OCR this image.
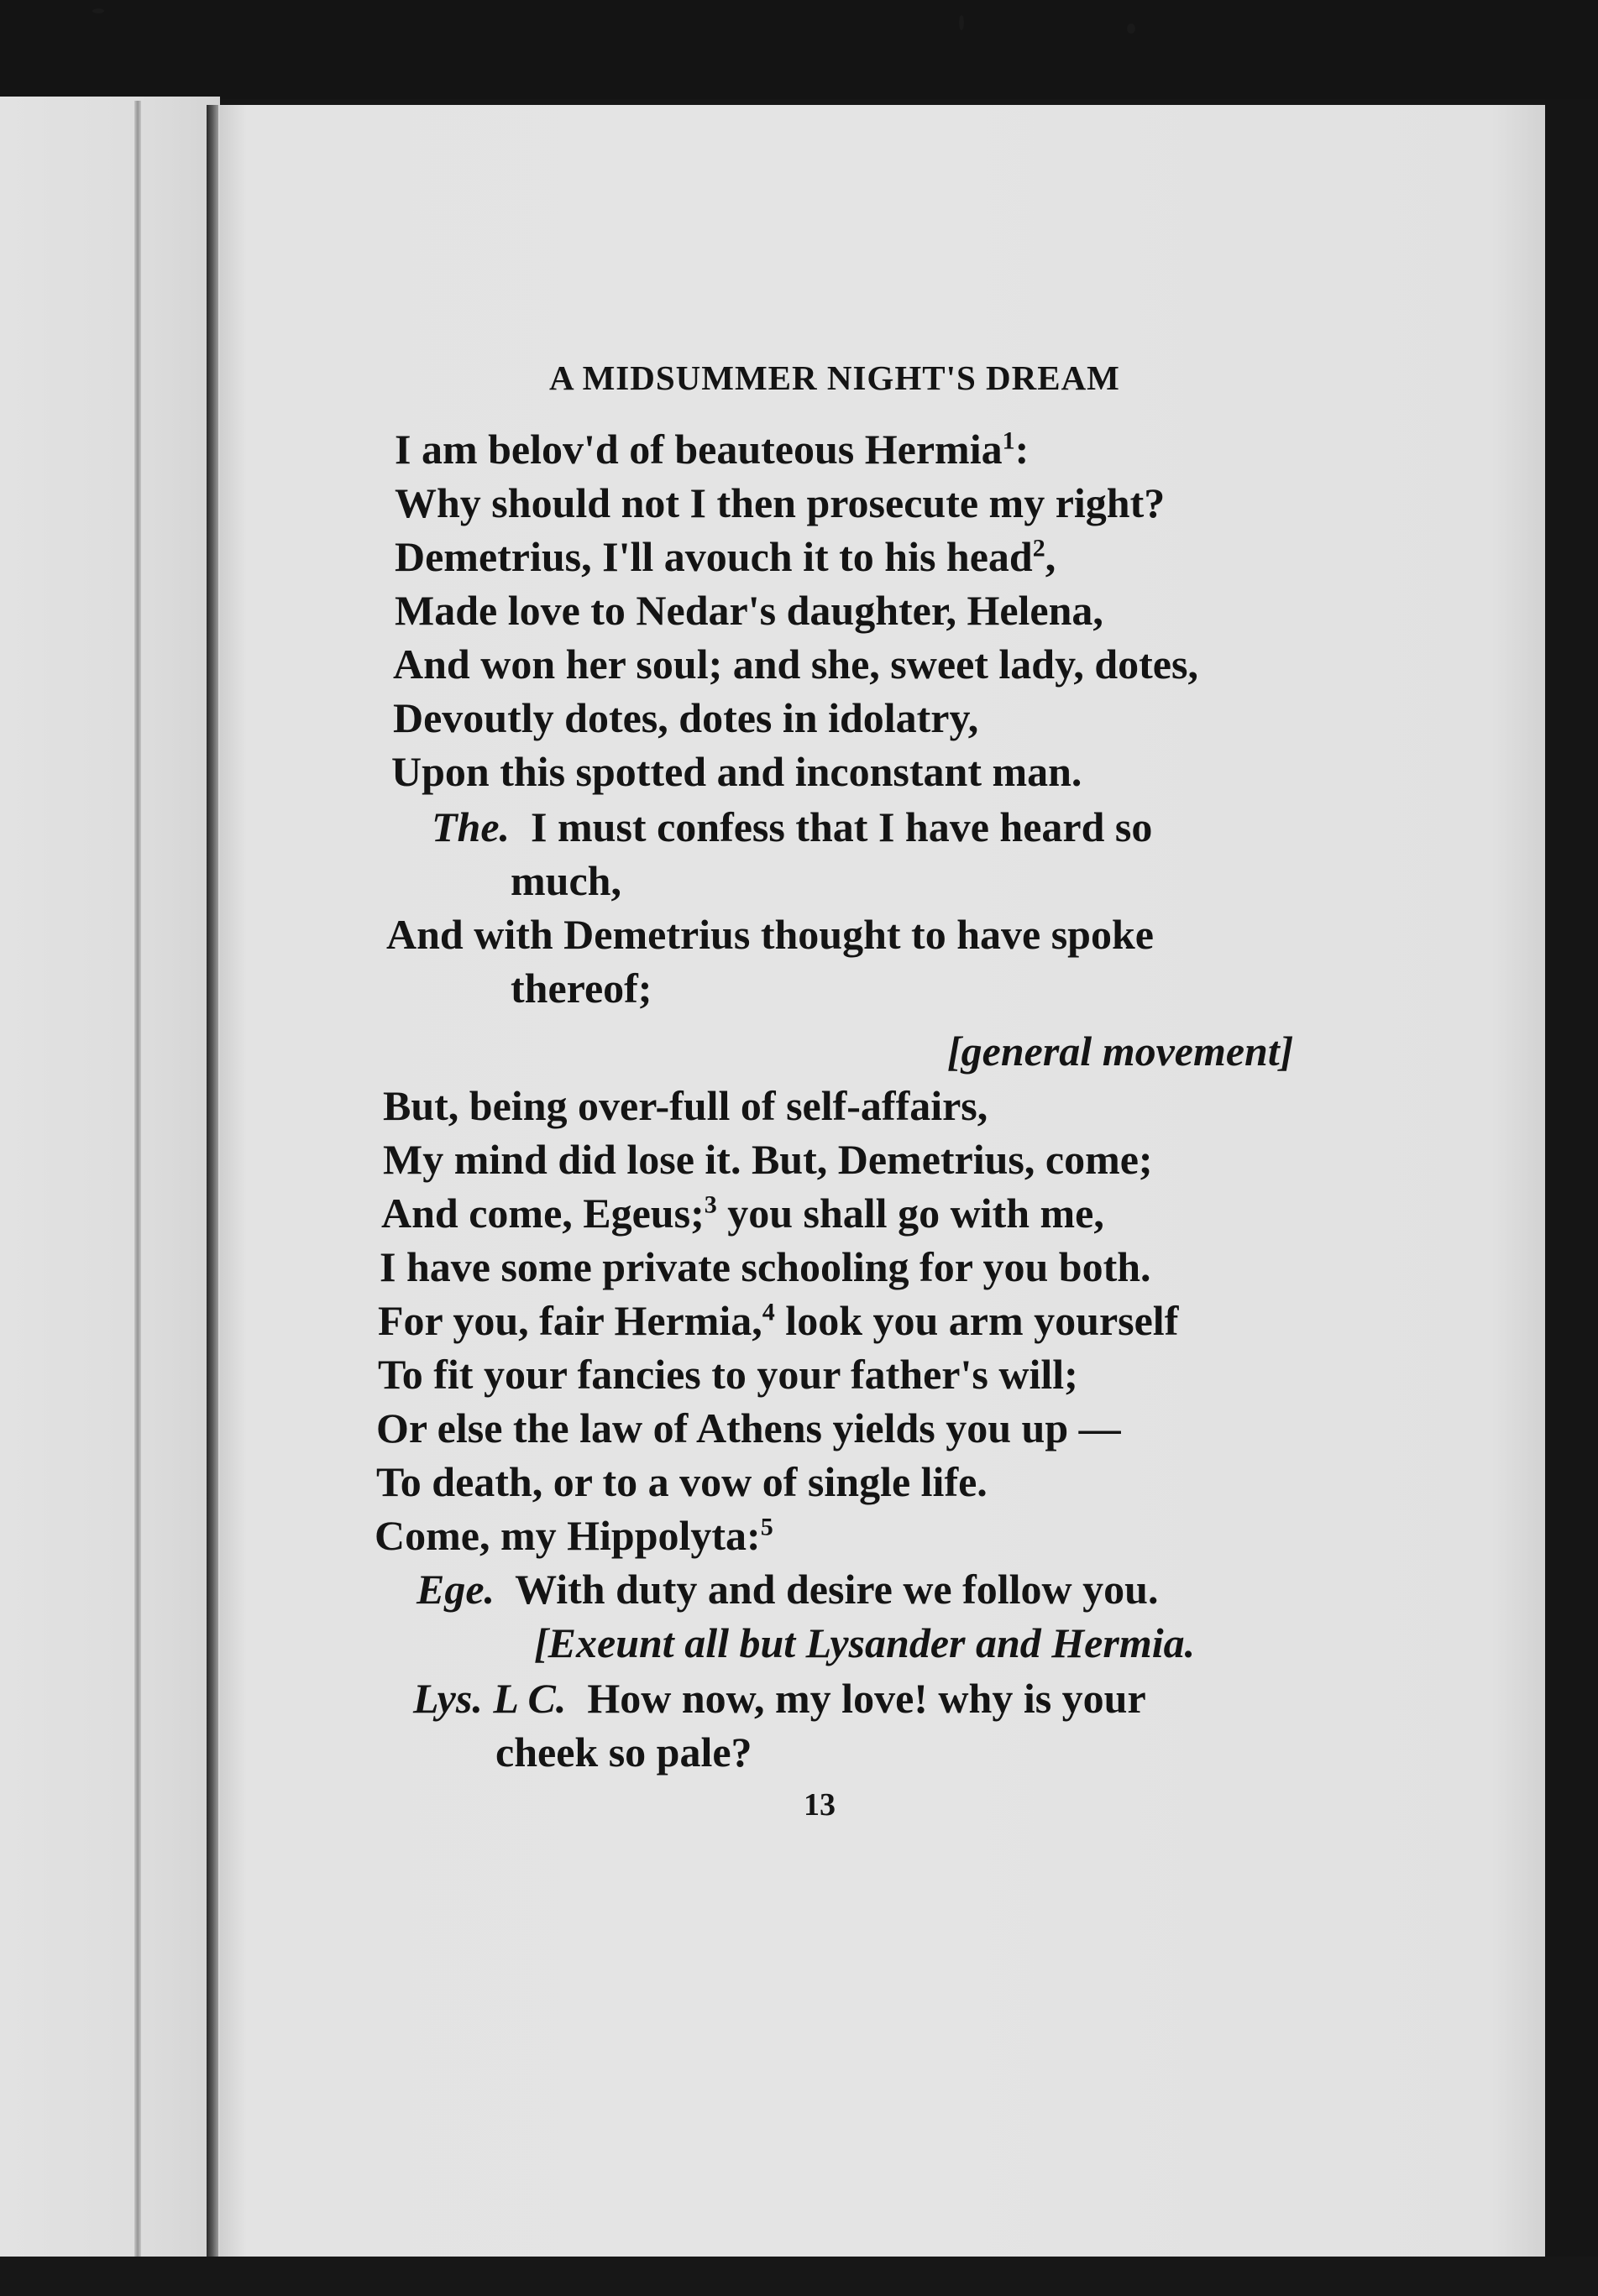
A MIDSUMMER NIGHT'S DREAM
I am belov'd of beauteous Hermia$^1$:
Why should not I then prosecute my right?
Demetrius, I'll avouch it to his head$^2$,
Made love to Nedar's daughter, Helena,
And won her soul; and she, sweet lady, dotes,
Devoutly dotes, dotes in idolatry,
Upon this spotted and inconstant man.
The. I must confess that I have heard so
much,
And with Demetrius thought to have spoke
thereof;
[general movement]
But, being over-full of self-affairs,
My mind did lose it. But, Demetrius, come;
And come, Egeus;$^3$ you shall go with me,
I have some private schooling for you both.
For you, fair Hermia,$^4$ look you arm yourself
To fit your fancies to your father's will;
Or else the law of Athens yields you up —
To death, or to a vow of single life.
Come, my Hippolyta:$^5$
Ege. With duty and desire we follow you.
[Exeunt all but Lysander and Hermia.
Lys. L C. How now, my love! why is your
cheek so pale?
13
